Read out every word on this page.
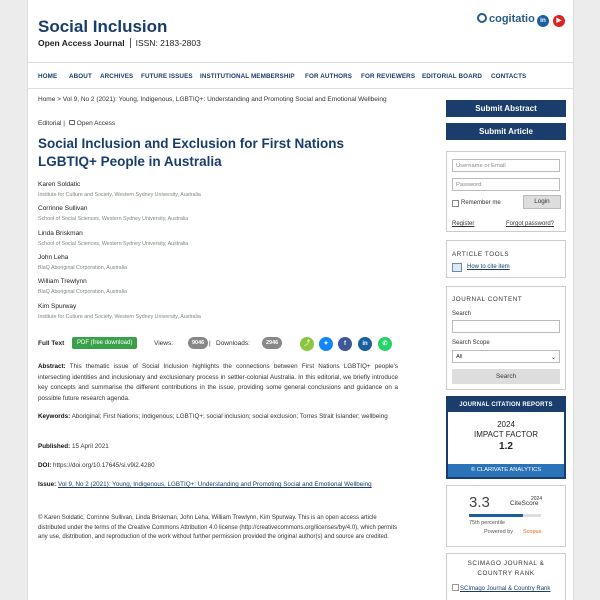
Social Inclusion
Open Access Journal ISSN: 2183-2803
cogitatio in	▶
HOME ABOUT ARCHIVES FUTURE ISSUES INSTITUTIONAL MEMBERSHIP FOR AUTHORS FOR REVIEWERS EDITORIAL BOARD CONTACTS
Home > Vol 9, No 2 (2021): Young, Indigenous, LGBTIQ+: Understanding and Promoting Social and Emotional Wellbeing
Editorial | Open Access
Social Inclusion and Exclusion for First Nations LGBTIQ+ People in Australia
Karen Soldatic
Institute for Culture and Society, Western Sydney University, Australia
Corrinne Sullivan
School of Social Sciences, Western Sydney University, Australia
Linda Briskman
School of Social Sciences, Western Sydney University, Australia
John Leha
BlaQ Aboriginal Corporation, Australia
William Trewlynn
BlaQ Aboriginal Corporation, Australia
Kim Spurway
Institute for Culture and Society, Western Sydney University, Australia
Full Text	PDF (free download)	Views:	9046 | Downloads:	2946	⤴	✦	f	in	✆
Abstract: This thematic issue of Social Inclusion highlights the connections between First Nations LGBTIQ+ people's intersecting identities and inclusionary and exclusionary process in settler-colonial Australia. In this editorial, we briefly introduce key concepts and summarise the different contributions in the issue, providing some general conclusions and guidance on a possible future research agenda.
Keywords: Aboriginal; First Nations; Indigenous; LGBTIQ+; social inclusion; social exclusion; Torres Strait Islander; wellbeing
Published: 15 April 2021
DOI: https://doi.org/10.17645/si.v9i2.4280
Issue: Vol 9, No 2 (2021): Young, Indigenous, LGBTIQ+: Understanding and Promoting Social and Emotional Wellbeing
© Karen Soldatic, Corrinne Sullivan, Linda Briskman, John Leha, William Trewlynn, Kim Spurway. This is an open access article distributed under the terms of the Creative Commons Attribution 4.0 license (http://creativecommons.org/licenses/by/4.0), which permits any use, distribution, and reproduction of the work without further permission provided the original author(s) and source are credited.
Submit Abstract
Submit Article
Username or Email
Password
Remember me	Login
Register	Forgot password?
ARTICLE TOOLS
How to cite item
JOURNAL CONTENT
Search
Search Scope
All	⌄
Search
JOURNAL CITATION REPORTS
2024
IMPACT FACTOR
1.2
© CLARIVATE ANALYTICS
3.3	CiteScore
2024
75th percentile
Powered by Scopus
SCIMAGO JOURNAL &
COUNTRY RANK
SCImago Journal & Country Rank
